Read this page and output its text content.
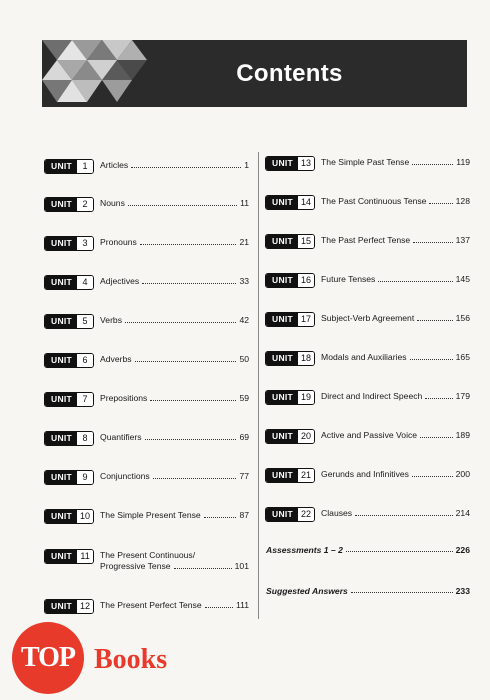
Contents
UNIT	1	Articles	1
UNIT	2	Nouns	11
UNIT	3	Pronouns	21
UNIT	4	Adjectives	33
UNIT	5	Verbs	42
UNIT	6	Adverbs	50
UNIT	7	Prepositions	59
UNIT	8	Quantifiers	69
UNIT	9	Conjunctions	77
UNIT 10	The Simple Present Tense	87
UNIT 11	The Present Continuous/
Progressive Tense	101
UNIT 12	The Present Perfect Tense	111
UNIT 13	The Simple Past Tense	119
UNIT 14	The Past Continuous Tense	128
UNIT 15	The Past Perfect Tense	137
UNIT 16	Future Tenses	145
UNIT 17	Subject-Verb Agreement	156
UNIT 18	Modals and Auxiliaries	165
UNIT 19	Direct and Indirect Speech	179
UNIT 20	Active and Passive Voice	189
UNIT 21	Gerunds and Infinitives	200
UNIT 22	Clauses	214
Assessments 1 – 2	226
Suggested Answers	233
TOP Books
